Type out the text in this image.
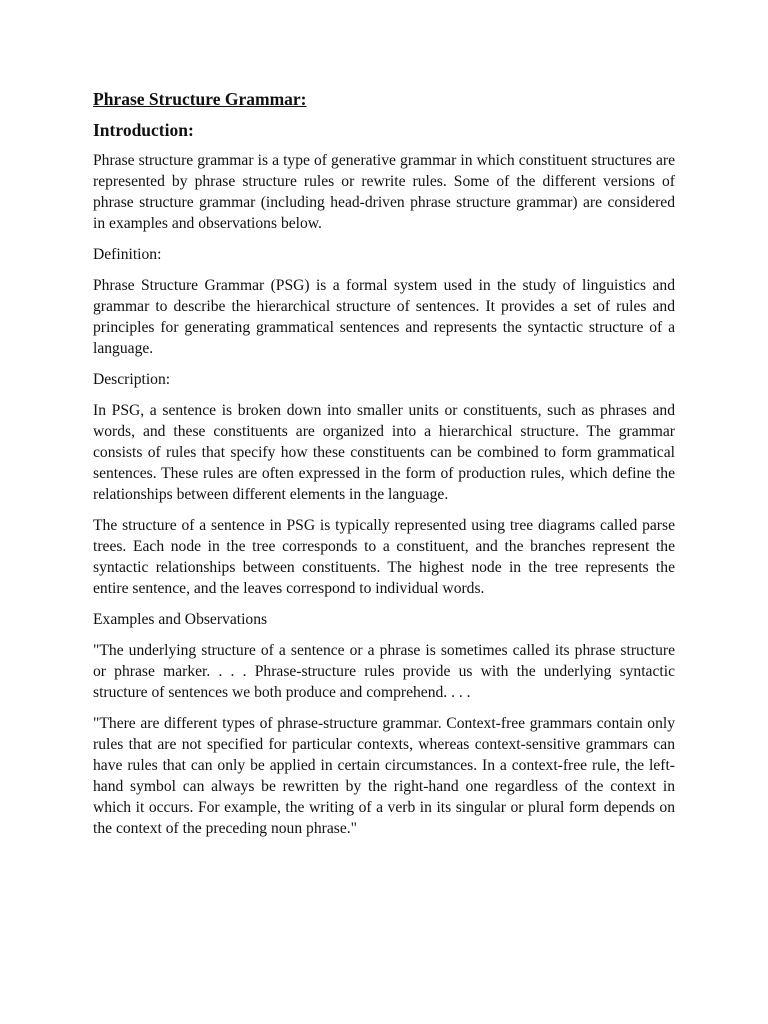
Phrase Structure Grammar:
Introduction:

Phrase structure grammar is a type of generative grammar in which constituent structures are represented by phrase structure rules or rewrite rules. Some of the different versions of phrase structure grammar (including head-driven phrase structure grammar) are considered in examples and observations below.

Definition:

Phrase Structure Grammar (PSG) is a formal system used in the study of linguistics and grammar to describe the hierarchical structure of sentences. It provides a set of rules and principles for generating grammatical sentences and represents the syntactic structure of a language.

Description:

In PSG, a sentence is broken down into smaller units or constituents, such as phrases and words, and these constituents are organized into a hierarchical structure. The grammar consists of rules that specify how these constituents can be combined to form grammatical sentences. These rules are often expressed in the form of production rules, which define the relationships between different elements in the language.

The structure of a sentence in PSG is typically represented using tree diagrams called parse trees. Each node in the tree corresponds to a constituent, and the branches represent the syntactic relationships between constituents. The highest node in the tree represents the entire sentence, and the leaves correspond to individual words.

Examples and Observations

"The underlying structure of a sentence or a phrase is sometimes called its phrase structure or phrase marker. . . . Phrase-structure rules provide us with the underlying syntactic structure of sentences we both produce and comprehend. . . .

"There are different types of phrase-structure grammar. Context-free grammars contain only rules that are not specified for particular contexts, whereas context-sensitive grammars can have rules that can only be applied in certain circumstances. In a context-free rule, the left-hand symbol can always be rewritten by the right-hand one regardless of the context in which it occurs. For example, the writing of a verb in its singular or plural form depends on the context of the preceding noun phrase."
